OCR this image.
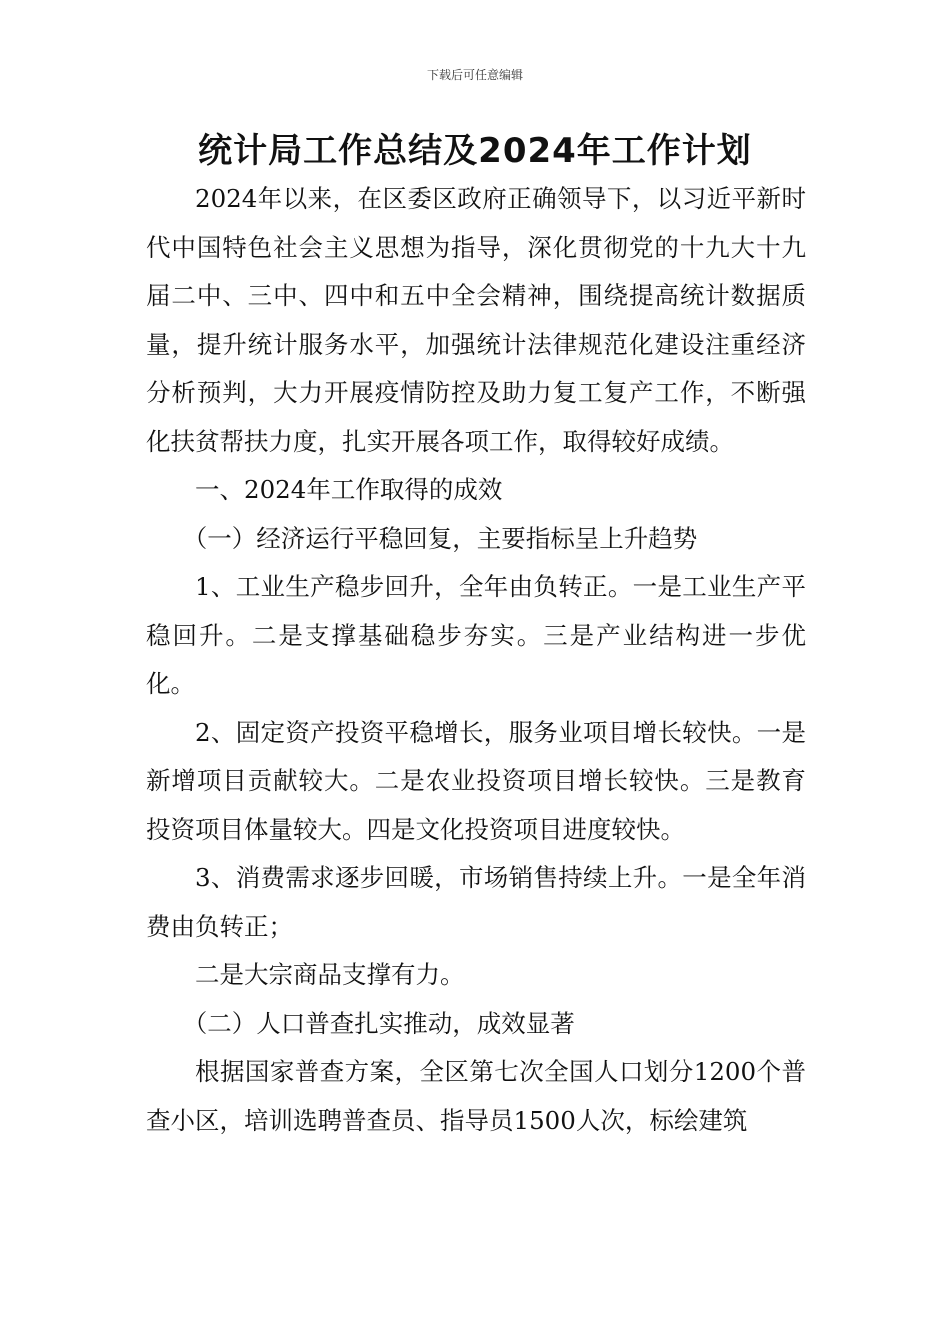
下载后可任意编辑
统计局工作总结及2024年工作计划

2024年以来，在区委区政府正确领导下，以习近平新时代中国特色社会主义思想为指导，深化贯彻党的十九大十九届二中、三中、四中和五中全会精神，围绕提高统计数据质量，提升统计服务水平，加强统计法律规范化建设注重经济分析预判，大力开展疫情防控及助力复工复产工作，不断强化扶贫帮扶力度，扎实开展各项工作，取得较好成绩。

一、2024年工作取得的成效

（一）经济运行平稳回复，主要指标呈上升趋势

1、工业生产稳步回升，全年由负转正。一是工业生产平稳回升。二是支撑基础稳步夯实。三是产业结构进一步优化。

2、固定资产投资平稳增长，服务业项目增长较快。一是新增项目贡献较大。二是农业投资项目增长较快。三是教育投资项目体量较大。四是文化投资项目进度较快。

3、消费需求逐步回暖，市场销售持续上升。一是全年消费由负转正；

二是大宗商品支撑有力。

（二）人口普查扎实推动，成效显著

根据国家普查方案，全区第七次全国人口划分1200个普查小区，培训选聘普查员、指导员1500人次，标绘建筑
